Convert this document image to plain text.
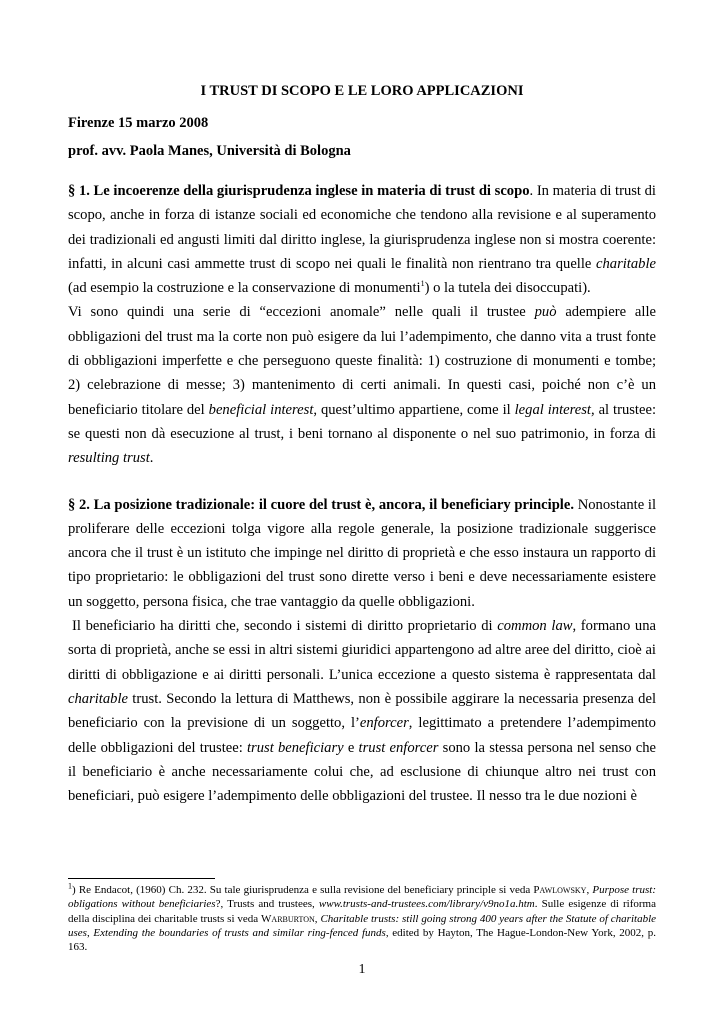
I TRUST DI SCOPO E LE LORO APPLICAZIONI
Firenze 15 marzo 2008
prof. avv. Paola Manes, Università di Bologna

§ 1. Le incoerenze della giurisprudenza inglese in materia di trust di scopo. In materia di trust di scopo, anche in forza di istanze sociali ed economiche che tendono alla revisione e al superamento dei tradizionali ed angusti limiti dal diritto inglese, la giurisprudenza inglese non si mostra coerente: infatti, in alcuni casi ammette trust di scopo nei quali le finalità non rientrano tra quelle charitable (ad esempio la costruzione e la conservazione di monumenti$^1$) o la tutela dei disoccupati).

Vi sono quindi una serie di “eccezioni anomale” nelle quali il trustee può adempiere alle obbligazioni del trust ma la corte non può esigere da lui l’adempimento, che danno vita a trust fonte di obbligazioni imperfette e che perseguono queste finalità: 1) costruzione di monumenti e tombe; 2) celebrazione di messe; 3) mantenimento di certi animali. In questi casi, poiché non c’è un beneficiario titolare del beneficial interest, quest’ultimo appartiene, come il legal interest, al trustee: se questi non dà esecuzione al trust, i beni tornano al disponente o nel suo patrimonio, in forza di resulting trust.

§ 2. La posizione tradizionale: il cuore del trust è, ancora, il beneficiary principle. Nonostante il proliferare delle eccezioni tolga vigore alla regole generale, la posizione tradizionale suggerisce ancora che il trust è un istituto che impinge nel diritto di proprietà e che esso instaura un rapporto di tipo proprietario: le obbligazioni del trust sono dirette verso i beni e deve necessariamente esistere un soggetto, persona fisica, che trae vantaggio da quelle obbligazioni.

Il beneficiario ha diritti che, secondo i sistemi di diritto proprietario di common law, formano una sorta di proprietà, anche se essi in altri sistemi giuridici appartengono ad altre aree del diritto, cioè ai diritti di obbligazione e ai diritti personali. L’unica eccezione a questo sistema è rappresentata dal charitable trust. Secondo la lettura di Matthews, non è possibile aggirare la necessaria presenza del beneficiario con la previsione di un soggetto, l’enforcer, legittimato a pretendere l’adempimento delle obbligazioni del trustee: trust beneficiary e trust enforcer sono la stessa persona nel senso che il beneficiario è anche necessariamente colui che, ad esclusione di chiunque altro nei trust con beneficiari, può esigere l’adempimento delle obbligazioni del trustee. Il nesso tra le due nozioni è

$^1$) Re Endacot, (1960) Ch. 232. Su tale giurisprudenza e sulla revisione del beneficiary principle si veda Pawlowsky, Purpose trust: obligations without beneficiaries?, Trusts and trustees, www.trusts-and-trustees.com/library/v9no1a.htm. Sulle esigenze di riforma della disciplina dei charitable trusts si veda Warburton, Charitable trusts: still going strong 400 years after the Statute of charitable uses, Extending the boundaries of trusts and similar ring-fenced funds, edited by Hayton, The Hague-London-New York, 2002, p. 163.
1
